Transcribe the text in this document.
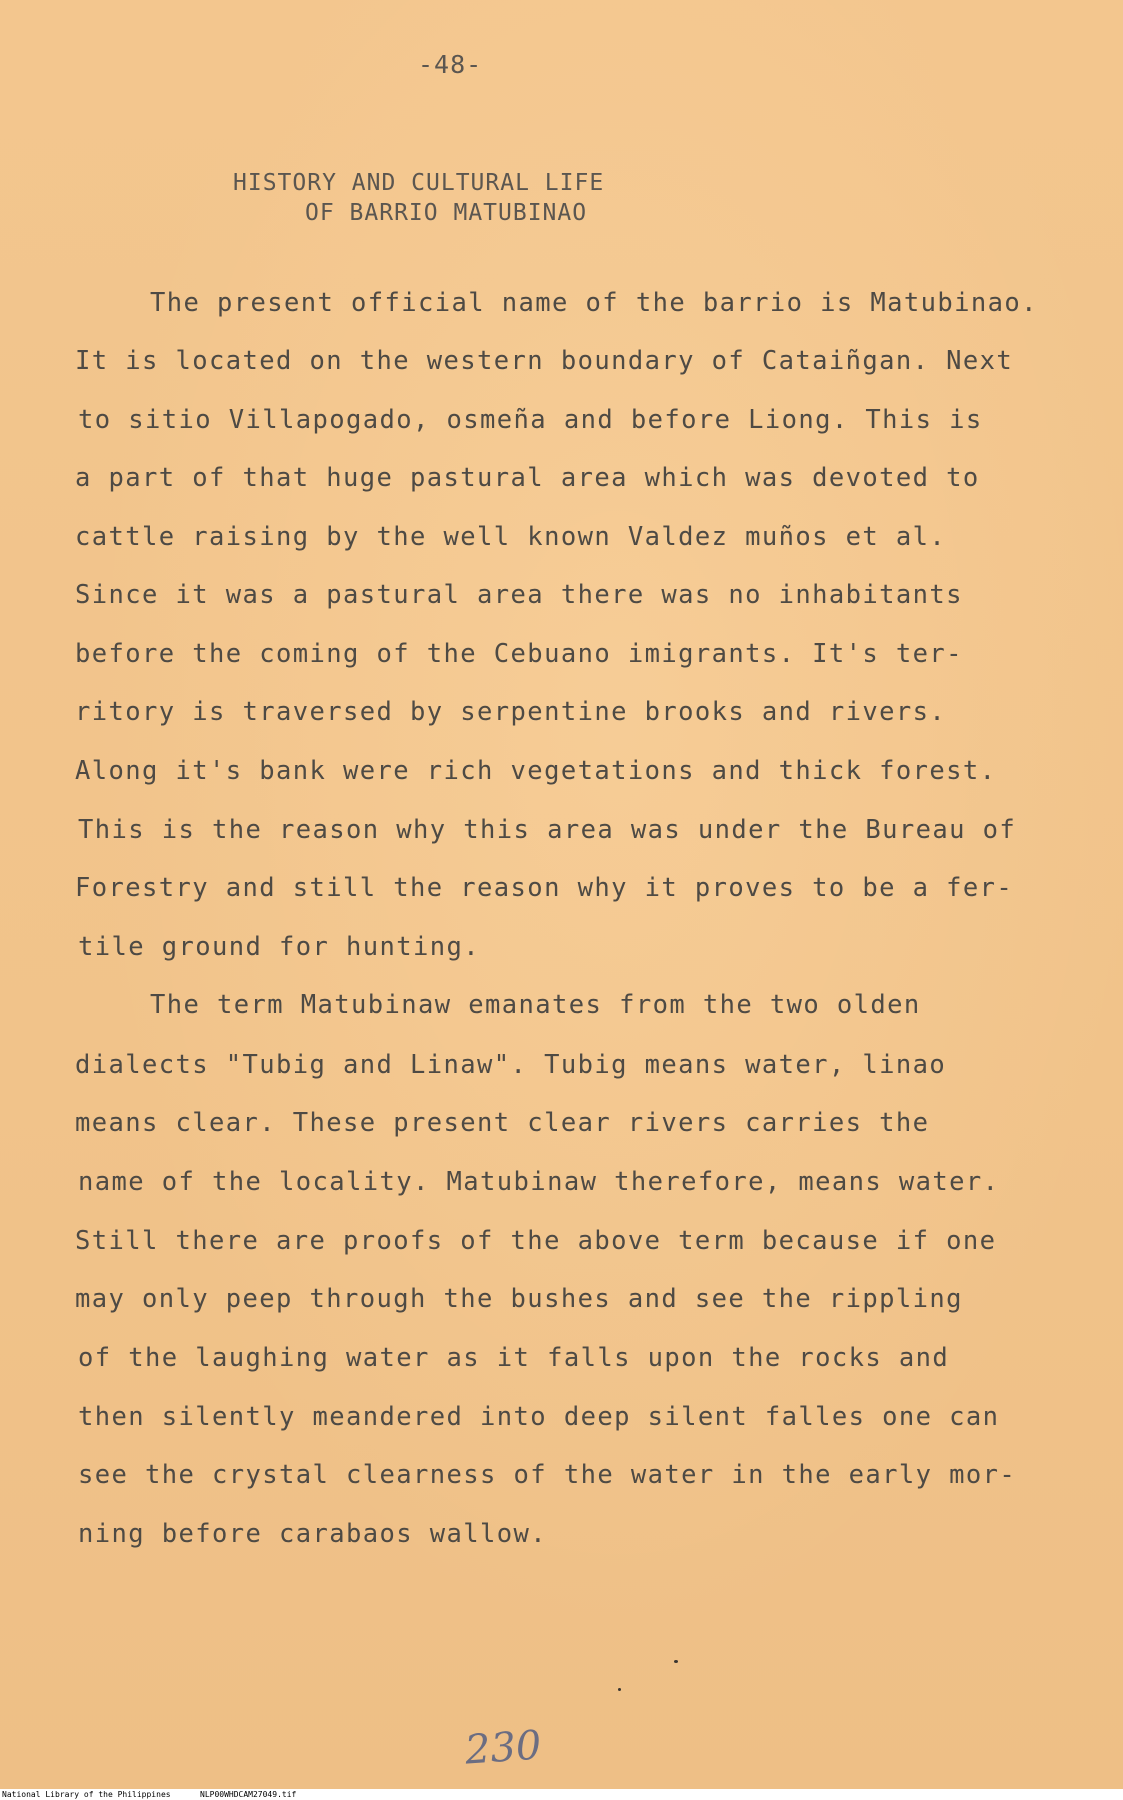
-48-
HISTORY AND CULTURAL LIFE
OF BARRIO MATUBINAO
The present official name of the barrio is Matubinao.
It is located on the western boundary of Cataiñgan. Next
to sitio Villapogado, osmeña and before Liong. This is
a part of that huge pastural area which was devoted to
cattle raising by the well known Valdez muños et al.
Since it was a pastural area there was no inhabitants
before the coming of the Cebuano imigrants. It's ter-
ritory is traversed by serpentine brooks and rivers.
Along it's bank were rich vegetations and thick forest.
This is the reason why this area was under the Bureau of
Forestry and still the reason why it proves to be a fer-
tile ground for hunting.
The term Matubinaw emanates from the two olden
dialects "Tubig and Linaw". Tubig means water, linao
means clear. These present clear rivers carries the
name of the locality. Matubinaw therefore, means water.
Still there are proofs of the above term because if one
may only peep through the bushes and see the rippling
of the laughing water as it falls upon the rocks and
then silently meandered into deep silent falles one can
see the crystal clearness of the water in the early mor-
ning before carabaos wallow.
230
National Library of the Philippines	NLP00WHDCAM27049.tif
